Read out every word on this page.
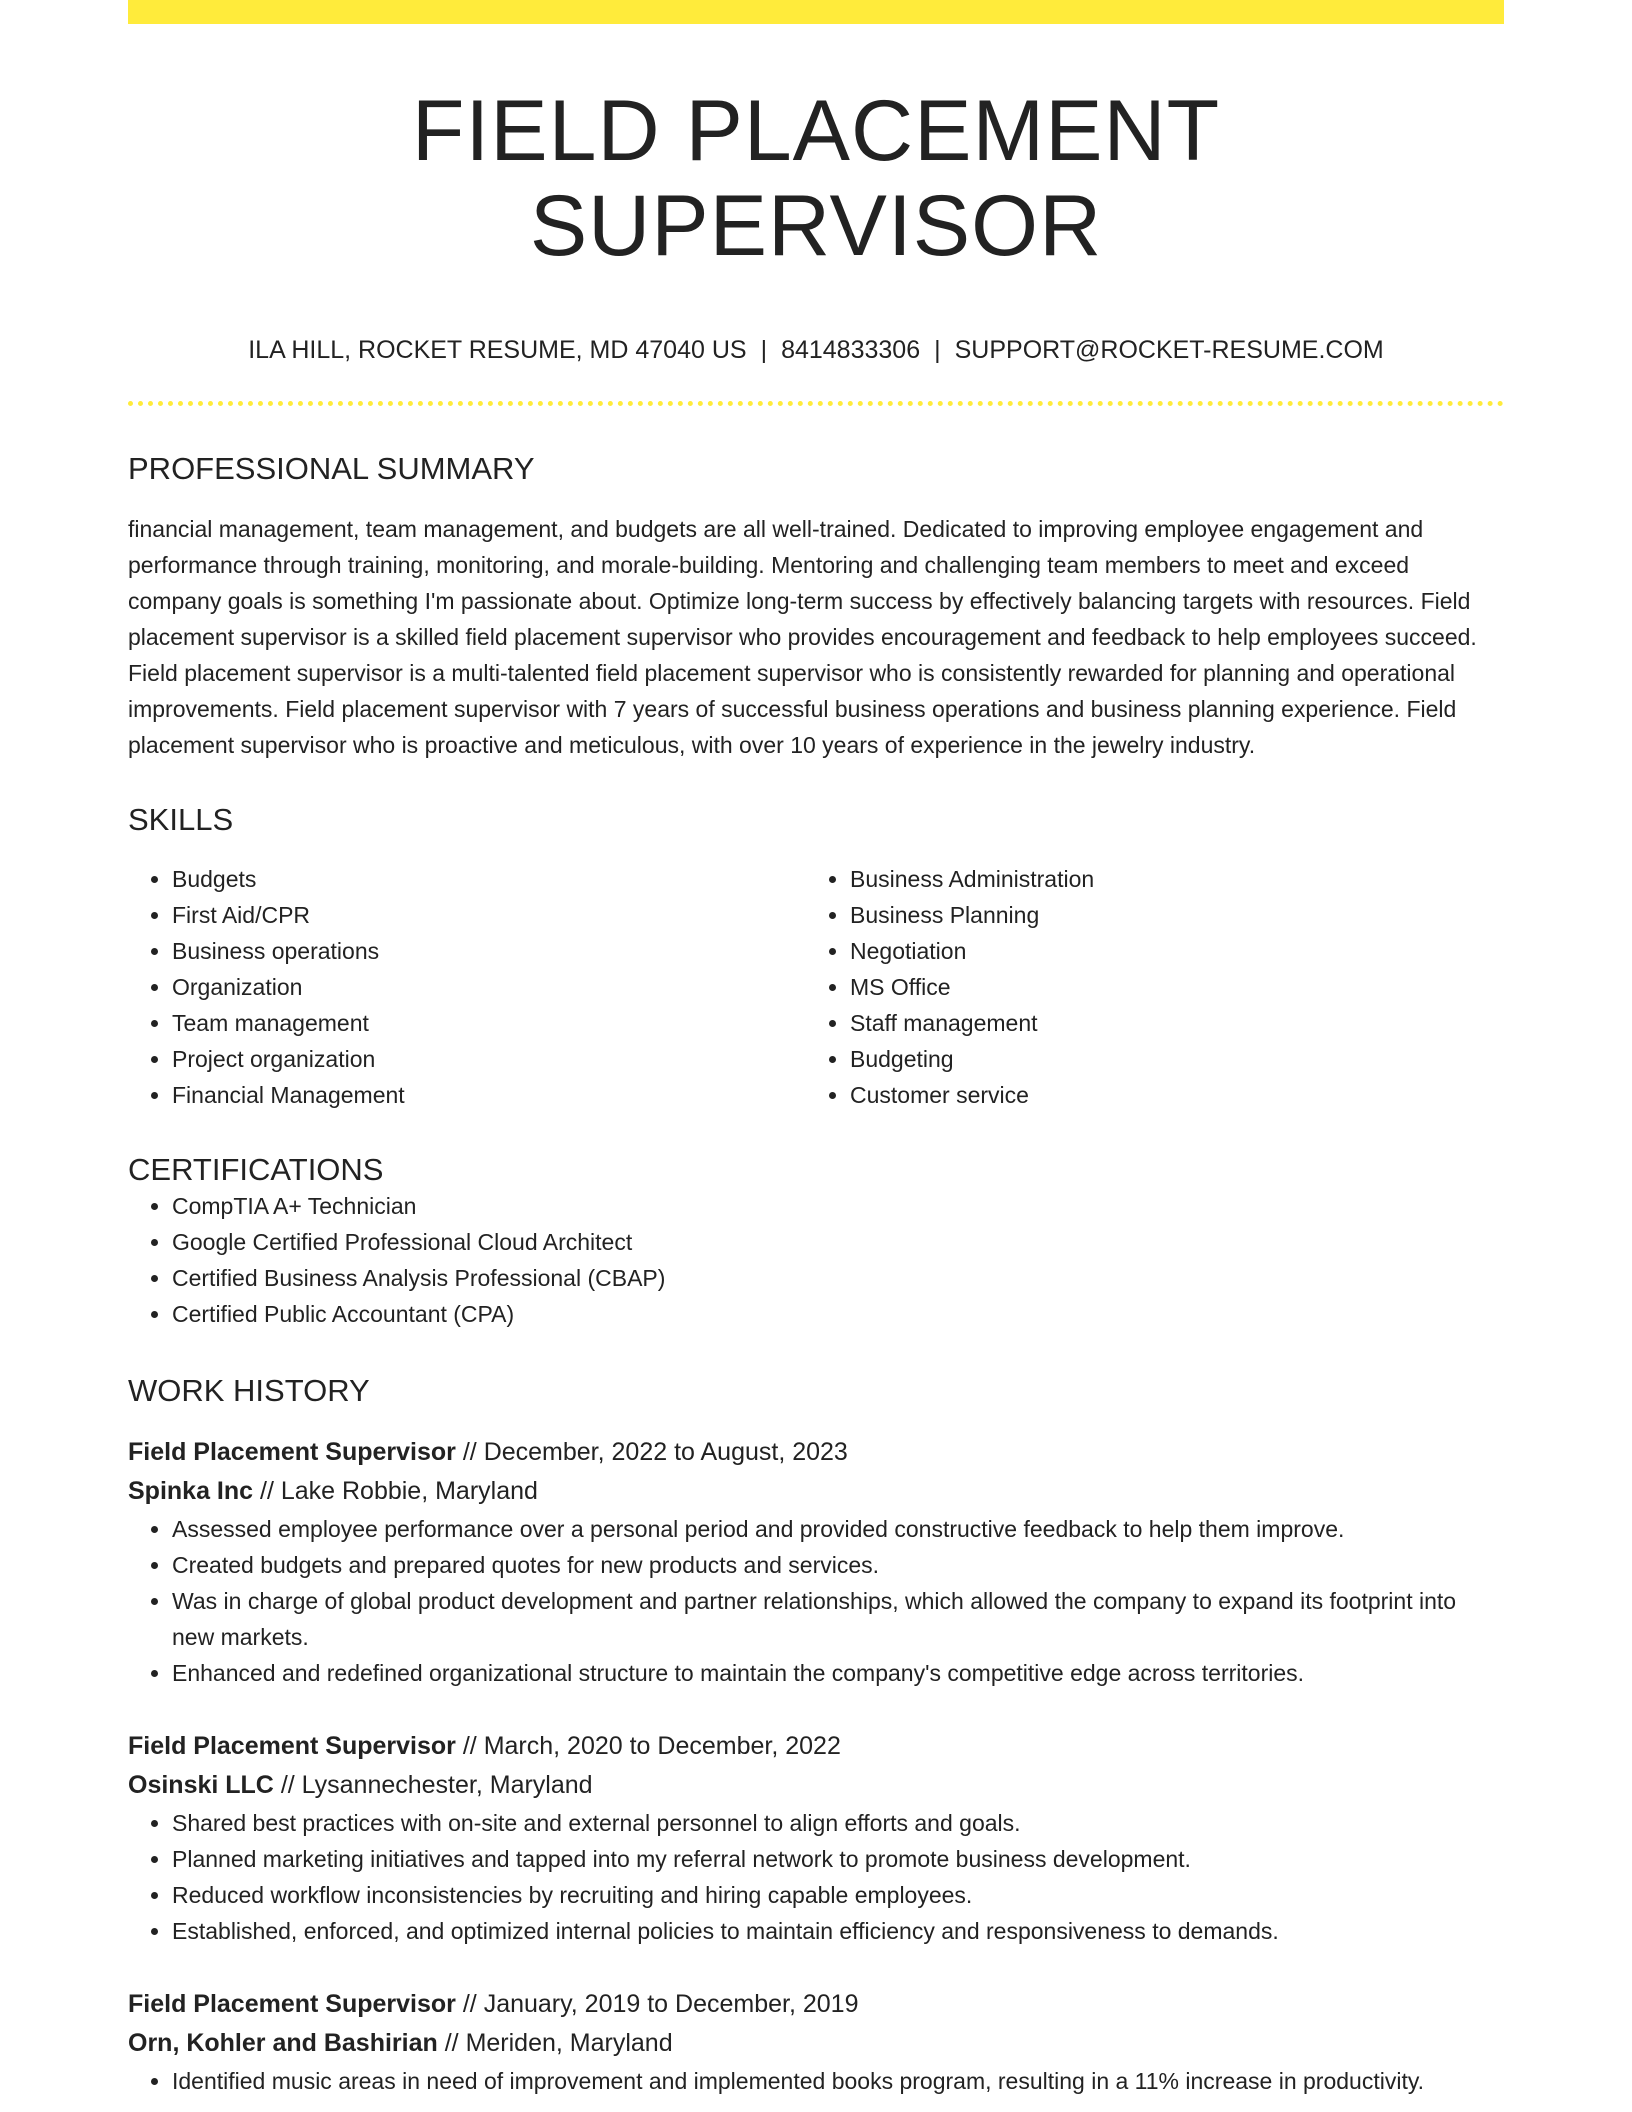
FIELD PLACEMENT SUPERVISOR
ILA HILL, ROCKET RESUME, MD 47040 US | 8414833306 | SUPPORT@ROCKET-RESUME.COM
PROFESSIONAL SUMMARY

financial management, team management, and budgets are all well-trained. Dedicated to improving employee engagement and performance through training, monitoring, and morale-building. Mentoring and challenging team members to meet and exceed company goals is something I'm passionate about. Optimize long-term success by effectively balancing targets with resources. Field placement supervisor is a skilled field placement supervisor who provides encouragement and feedback to help employees succeed. Field placement supervisor is a multi-talented field placement supervisor who is consistently rewarded for planning and operational improvements. Field placement supervisor with 7 years of successful business operations and business planning experience. Field placement supervisor who is proactive and meticulous, with over 10 years of experience in the jewelry industry.

SKILLS
• Budgets
• First Aid/CPR
• Business operations
• Organization
• Team management
• Project organization
• Financial Management
• Business Administration
• Business Planning
• Negotiation
• MS Office
• Staff management
• Budgeting
• Customer service
CERTIFICATIONS
• CompTIA A+ Technician
• Google Certified Professional Cloud Architect
• Certified Business Analysis Professional (CBAP)
• Certified Public Accountant (CPA)
WORK HISTORY
Field Placement Supervisor // December, 2022 to August, 2023
Spinka Inc // Lake Robbie, Maryland
• Assessed employee performance over a personal period and provided constructive feedback to help them improve.
• Created budgets and prepared quotes for new products and services.
• Was in charge of global product development and partner relationships, which allowed the company to expand its footprint into new markets.
• Enhanced and redefined organizational structure to maintain the company's competitive edge across territories.
Field Placement Supervisor // March, 2020 to December, 2022
Osinski LLC // Lysannechester, Maryland
• Shared best practices with on-site and external personnel to align efforts and goals.
• Planned marketing initiatives and tapped into my referral network to promote business development.
• Reduced workflow inconsistencies by recruiting and hiring capable employees.
• Established, enforced, and optimized internal policies to maintain efficiency and responsiveness to demands.
Field Placement Supervisor // January, 2019 to December, 2019
Orn, Kohler and Bashirian // Meriden, Maryland
• Identified music areas in need of improvement and implemented books program, resulting in a 11% increase in productivity.
